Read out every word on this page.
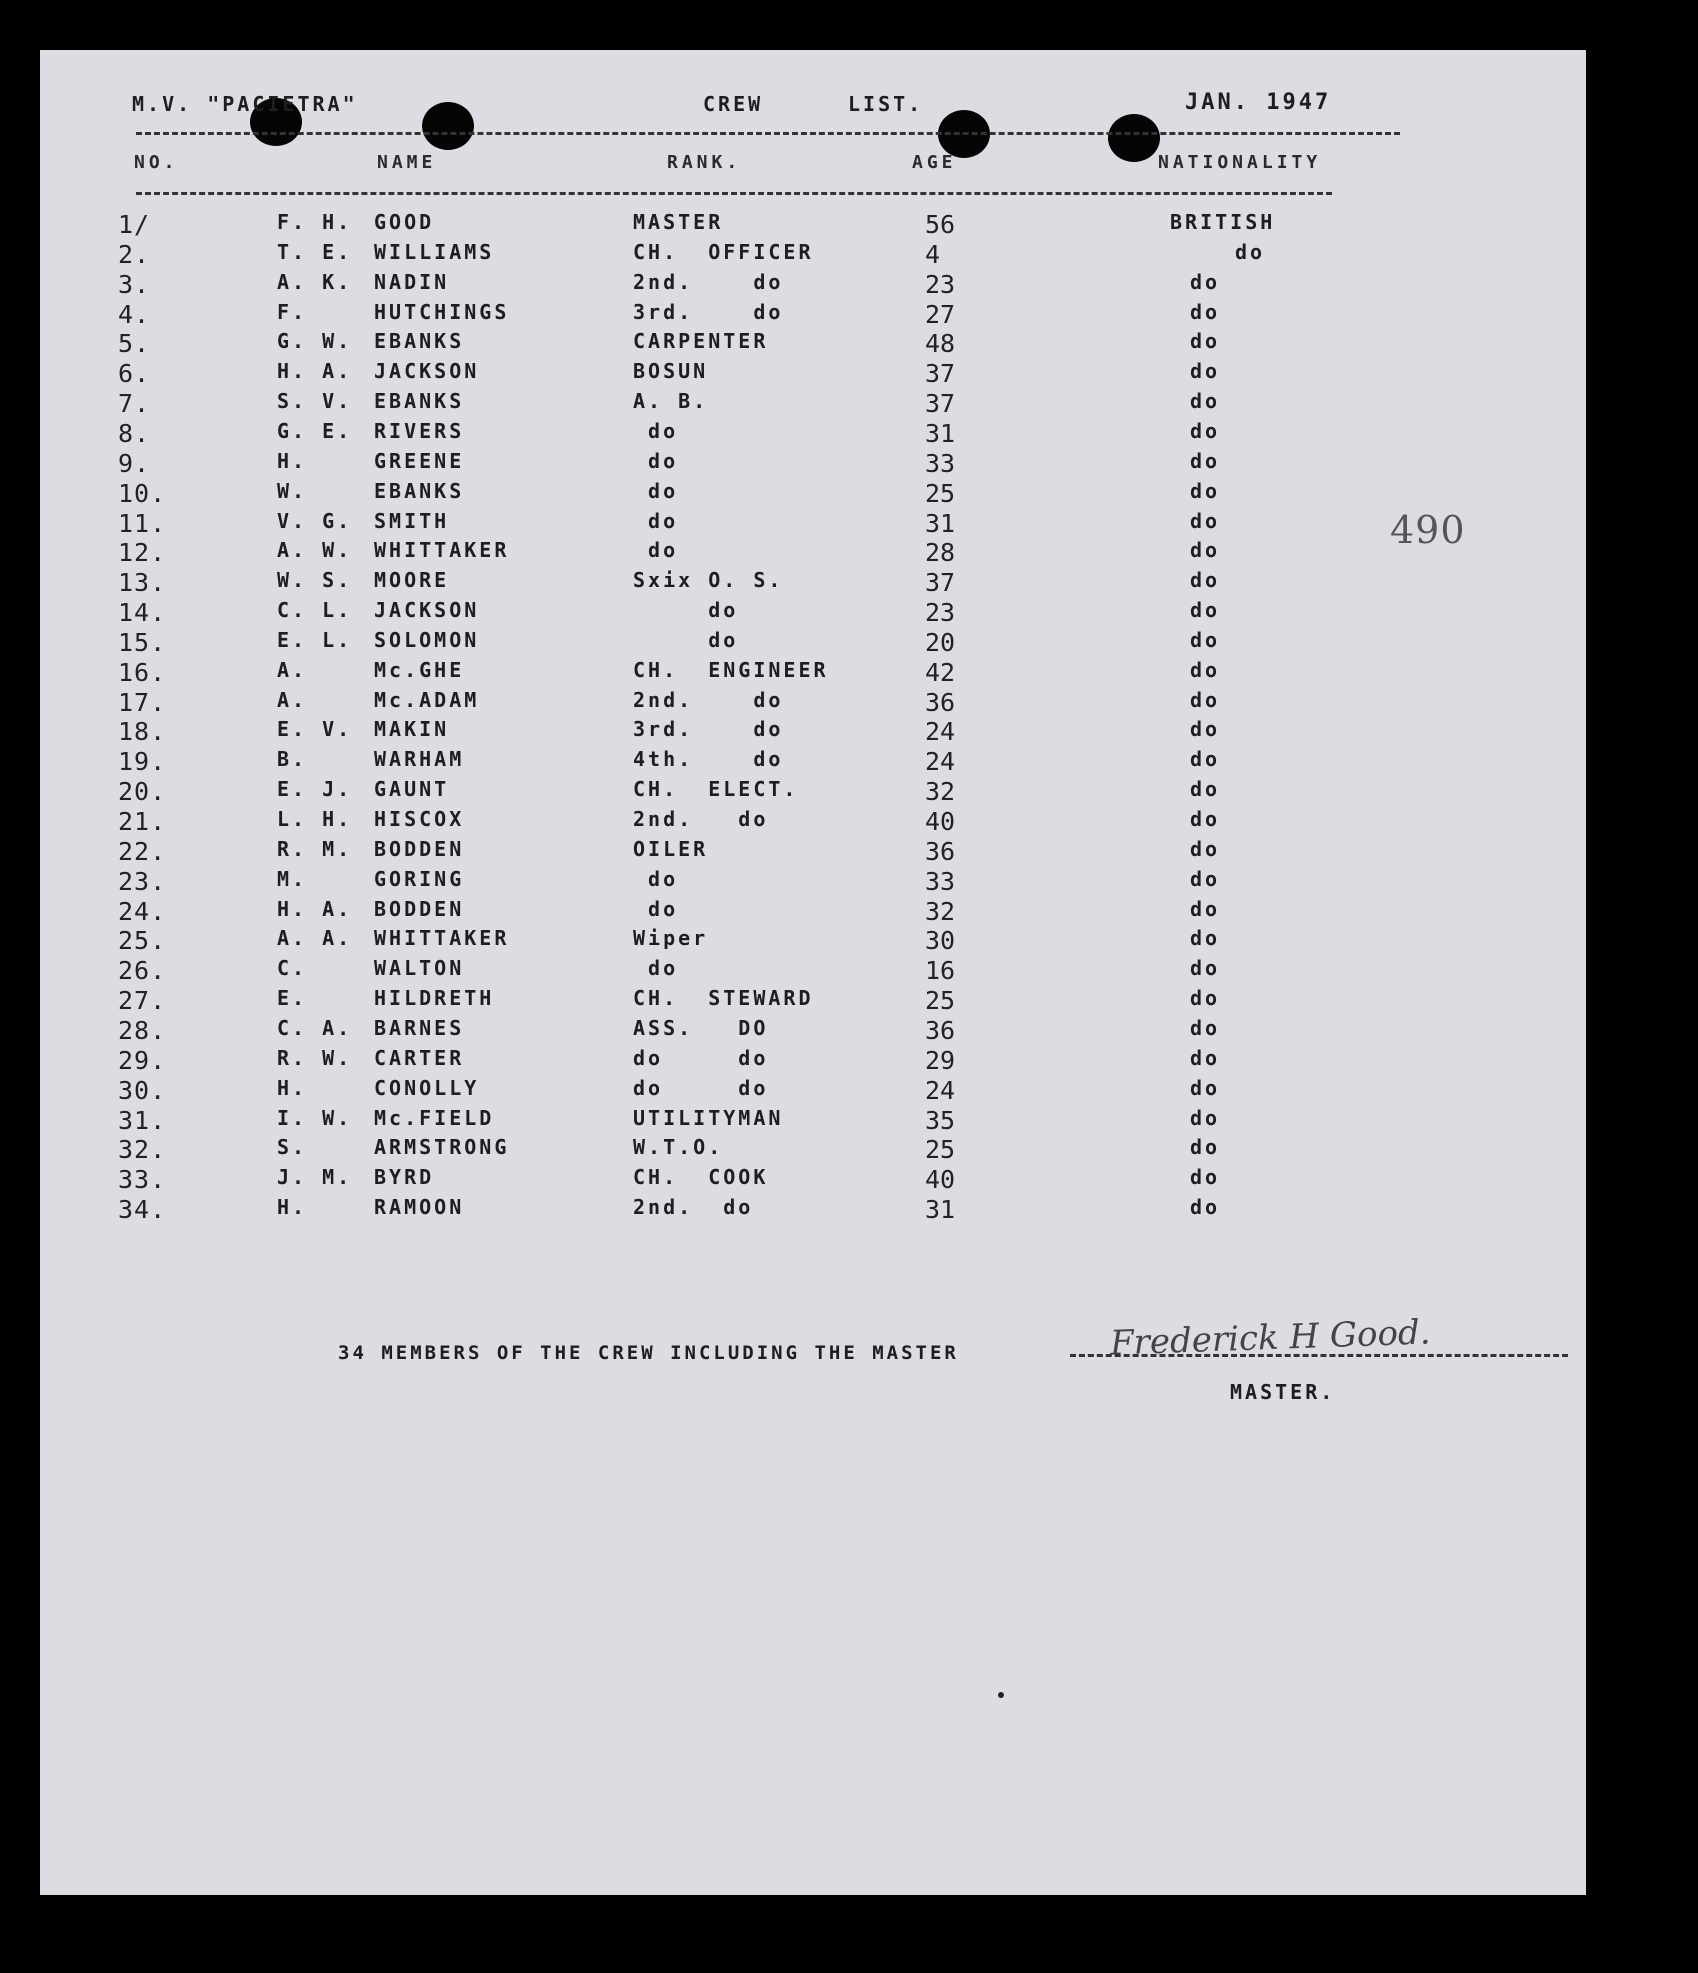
M.V. "PACIETRA"	CREW	LIST.	JAN. 1947
NO.	NAME	RANK.	AGE	NATIONALITY
1/	F. H. GOOD	MASTER	56	BRITISH
2.	T. E. WILLIAMS	CH.  OFFICER	4	do
3.	A. K. NADIN	2nd.    do	23	do
4.	F.	HUTCHINGS	3rd.    do	27	do
5.	G. W. EBANKS	CARPENTER	48	do
6.	H. A. JACKSON	BOSUN	37	do
7.	S. V. EBANKS	A. B.	37	do
8.	G. E. RIVERS	do	31	do
9.	H.	GREENE	do	33	do
10.	W.	EBANKS	do	25	do
11.	V. G. SMITH	do	31	do
12.	A. W. WHITTAKER	do	28	do
13.	W. S. MOORE	Sxix O. S.	37	do
14.	C. L. JACKSON	do	23	do
15.	E. L. SOLOMON	do	20	do
16.	A.	Mc.GHE	CH.  ENGINEER	42	do
17.	A.	Mc.ADAM	2nd.    do	36	do
18.	E. V. MAKIN	3rd.    do	24	do
19.	B.	WARHAM	4th.    do	24	do
20.	E. J. GAUNT	CH.  ELECT.	32	do
21.	L. H. HISCOX	2nd.   do	40	do
22.	R. M. BODDEN	OILER	36	do
23.	M.	GORING	do	33	do
24.	H. A. BODDEN	do	32	do
25.	A. A. WHITTAKER	Wiper	30	do
26.	C.	WALTON	do	16	do
27.	E.	HILDRETH	CH.  STEWARD	25	do
28.	C. A. BARNES	ASS.   DO	36	do
29.	R. W. CARTER	do     do	29	do
30.	H.	CONOLLY	do     do	24	do
31.	I. W. Mc.FIELD	UTILITYMAN	35	do
32.	S.	ARMSTRONG	W.T.O.	25	do
33.	J. M. BYRD	CH.  COOK	40	do
34.	H.	RAMOON	2nd.  do	31	do
490
Frederick H Good.
34 MEMBERS OF THE CREW INCLUDING THE MASTER
MASTER.
